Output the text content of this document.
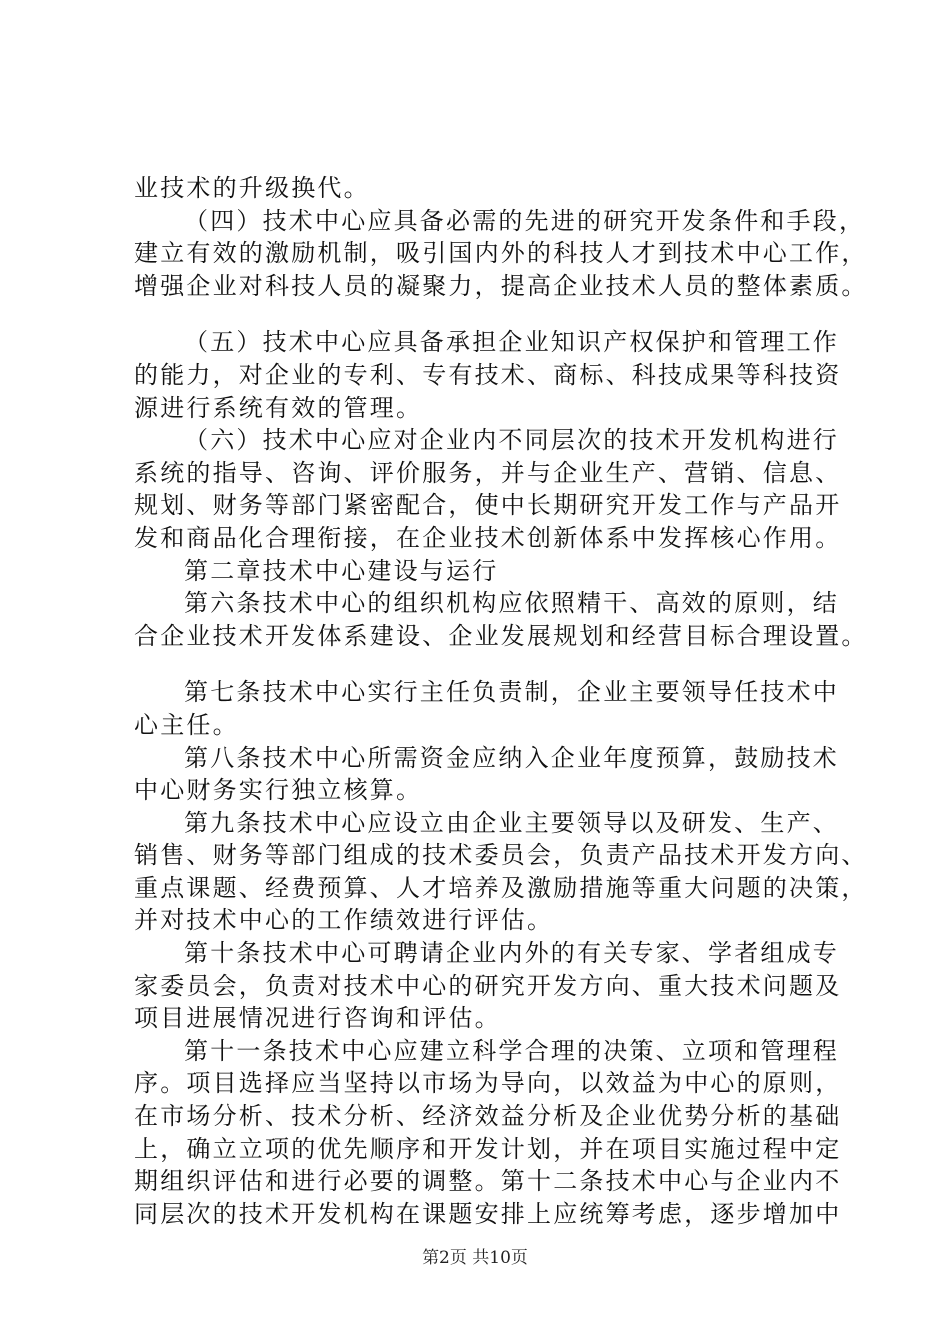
业技术的升级换代。
（四）技术中心应具备必需的先进的研究开发条件和手段，
建立有效的激励机制，吸引国内外的科技人才到技术中心工作，
增强企业对科技人员的凝聚力，提高企业技术人员的整体素质。
（五）技术中心应具备承担企业知识产权保护和管理工作
的能力，对企业的专利、专有技术、商标、科技成果等科技资
源进行系统有效的管理。
（六）技术中心应对企业内不同层次的技术开发机构进行
系统的指导、咨询、评价服务，并与企业生产、营销、信息、
规划、财务等部门紧密配合，使中长期研究开发工作与产品开
发和商品化合理衔接，在企业技术创新体系中发挥核心作用。
第二章技术中心建设与运行
第六条技术中心的组织机构应依照精干、高效的原则，结
合企业技术开发体系建设、企业发展规划和经营目标合理设置。
第七条技术中心实行主任负责制，企业主要领导任技术中
心主任。
第八条技术中心所需资金应纳入企业年度预算，鼓励技术
中心财务实行独立核算。
第九条技术中心应设立由企业主要领导以及研发、生产、
销售、财务等部门组成的技术委员会，负责产品技术开发方向、
重点课题、经费预算、人才培养及激励措施等重大问题的决策，
并对技术中心的工作绩效进行评估。
第十条技术中心可聘请企业内外的有关专家、学者组成专
家委员会，负责对技术中心的研究开发方向、重大技术问题及
项目进展情况进行咨询和评估。
第十一条技术中心应建立科学合理的决策、立项和管理程
序。项目选择应当坚持以市场为导向，以效益为中心的原则，
在市场分析、技术分析、经济效益分析及企业优势分析的基础
上，确立立项的优先顺序和开发计划，并在项目实施过程中定
期组织评估和进行必要的调整。第十二条技术中心与企业内不
同层次的技术开发机构在课题安排上应统筹考虑，逐步增加中
第2页 共10页
